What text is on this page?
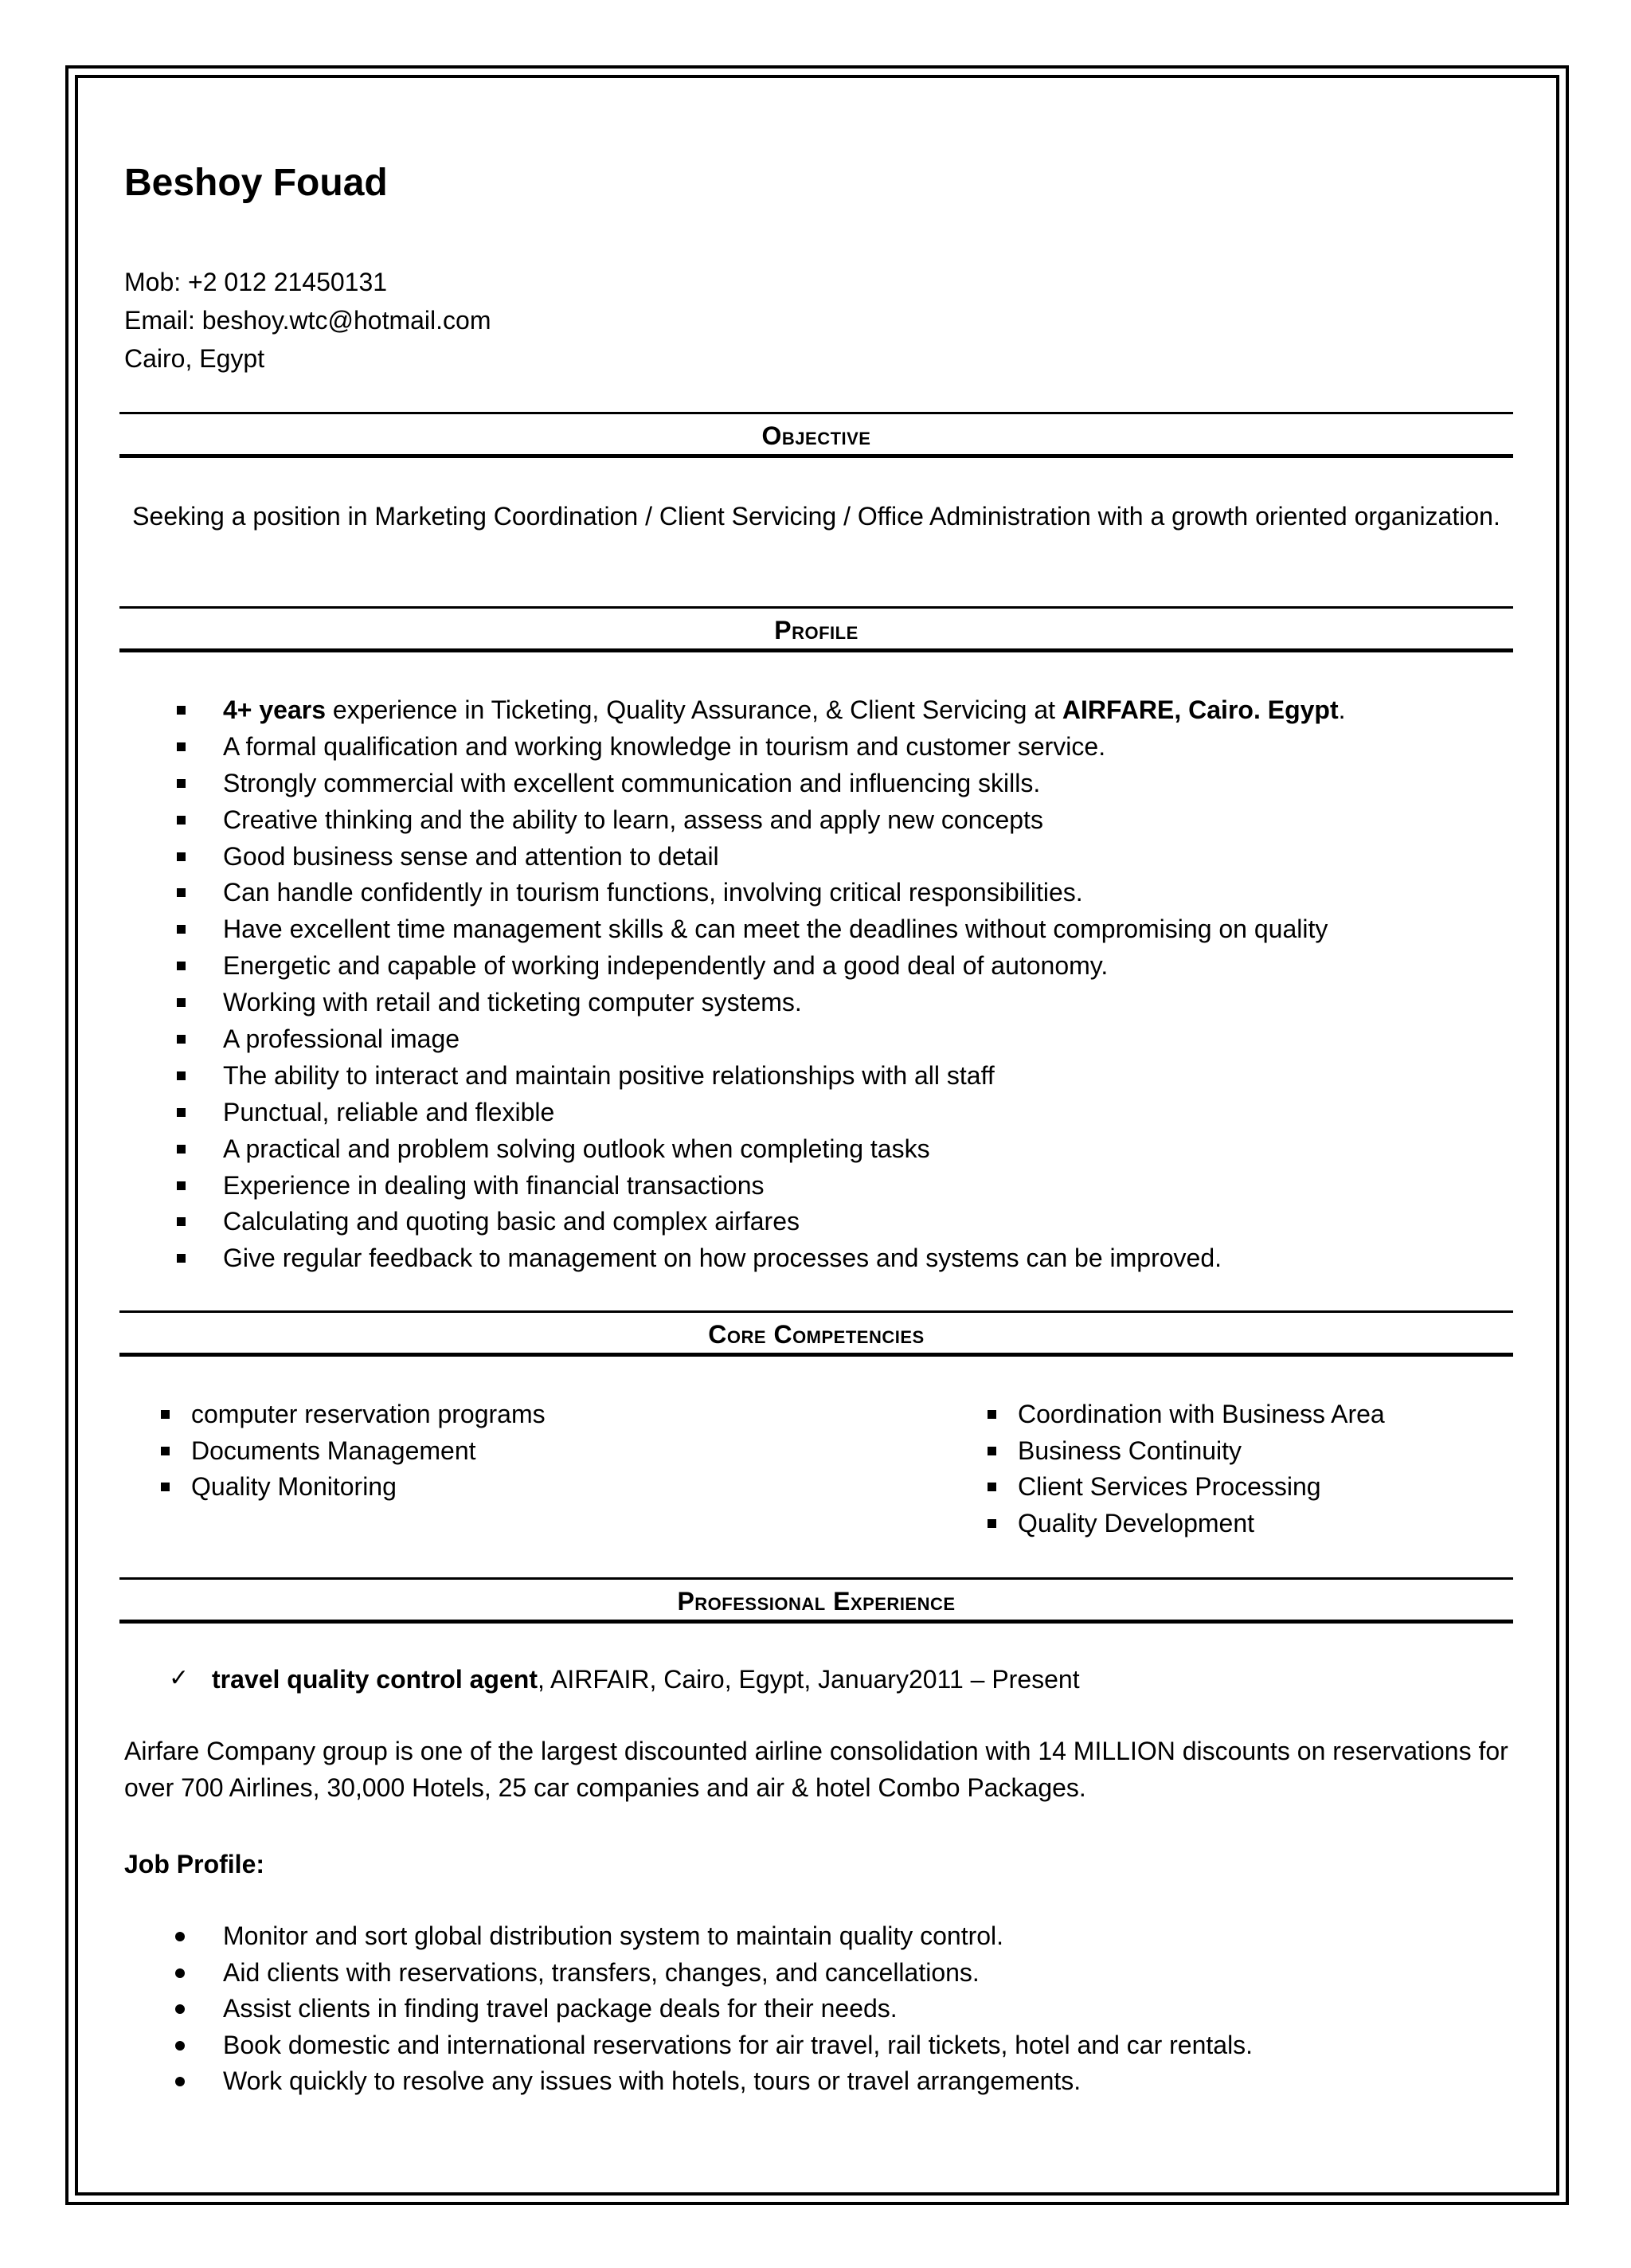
Beshoy Fouad
Mob: +2 012 21450131
Email: beshoy.wtc@hotmail.com
Cairo, Egypt
Objective
Seeking a position in Marketing Coordination / Client Servicing / Office Administration with a growth oriented organization.
Profile
4+ years experience in Ticketing, Quality Assurance, & Client Servicing at AIRFARE, Cairo. Egypt.
A formal qualification and working knowledge in tourism and customer service.
Strongly commercial with excellent communication and influencing skills.
Creative thinking and the ability to learn, assess and apply new concepts
Good business sense and attention to detail
Can handle confidently in tourism functions, involving critical responsibilities.
Have excellent time management skills & can meet the deadlines without compromising on quality
Energetic and capable of working independently and a good deal of autonomy.
Working with retail and ticketing computer systems.
A professional image
The ability to interact and maintain positive relationships with all staff
Punctual, reliable and flexible
A practical and problem solving outlook when completing tasks
Experience in dealing with financial transactions
Calculating and quoting basic and complex airfares
Give regular feedback to management on how processes and systems can be improved.
Core Competencies
computer reservation programs
Documents Management
Quality Monitoring
Coordination with Business Area
Business Continuity
Client Services Processing
Quality Development
Professional Experience
✓ travel quality control agent, AIRFAIR, Cairo, Egypt, January2011 – Present
Airfare Company group is one of the largest discounted airline consolidation with 14 MILLION discounts on reservations for over 700 Airlines, 30,000 Hotels, 25 car companies and air & hotel Combo Packages.
Job Profile:
Monitor and sort global distribution system to maintain quality control.
Aid clients with reservations, transfers, changes, and cancellations.
Assist clients in finding travel package deals for their needs.
Book domestic and international reservations for air travel, rail tickets, hotel and car rentals.
Work quickly to resolve any issues with hotels, tours or travel arrangements.
